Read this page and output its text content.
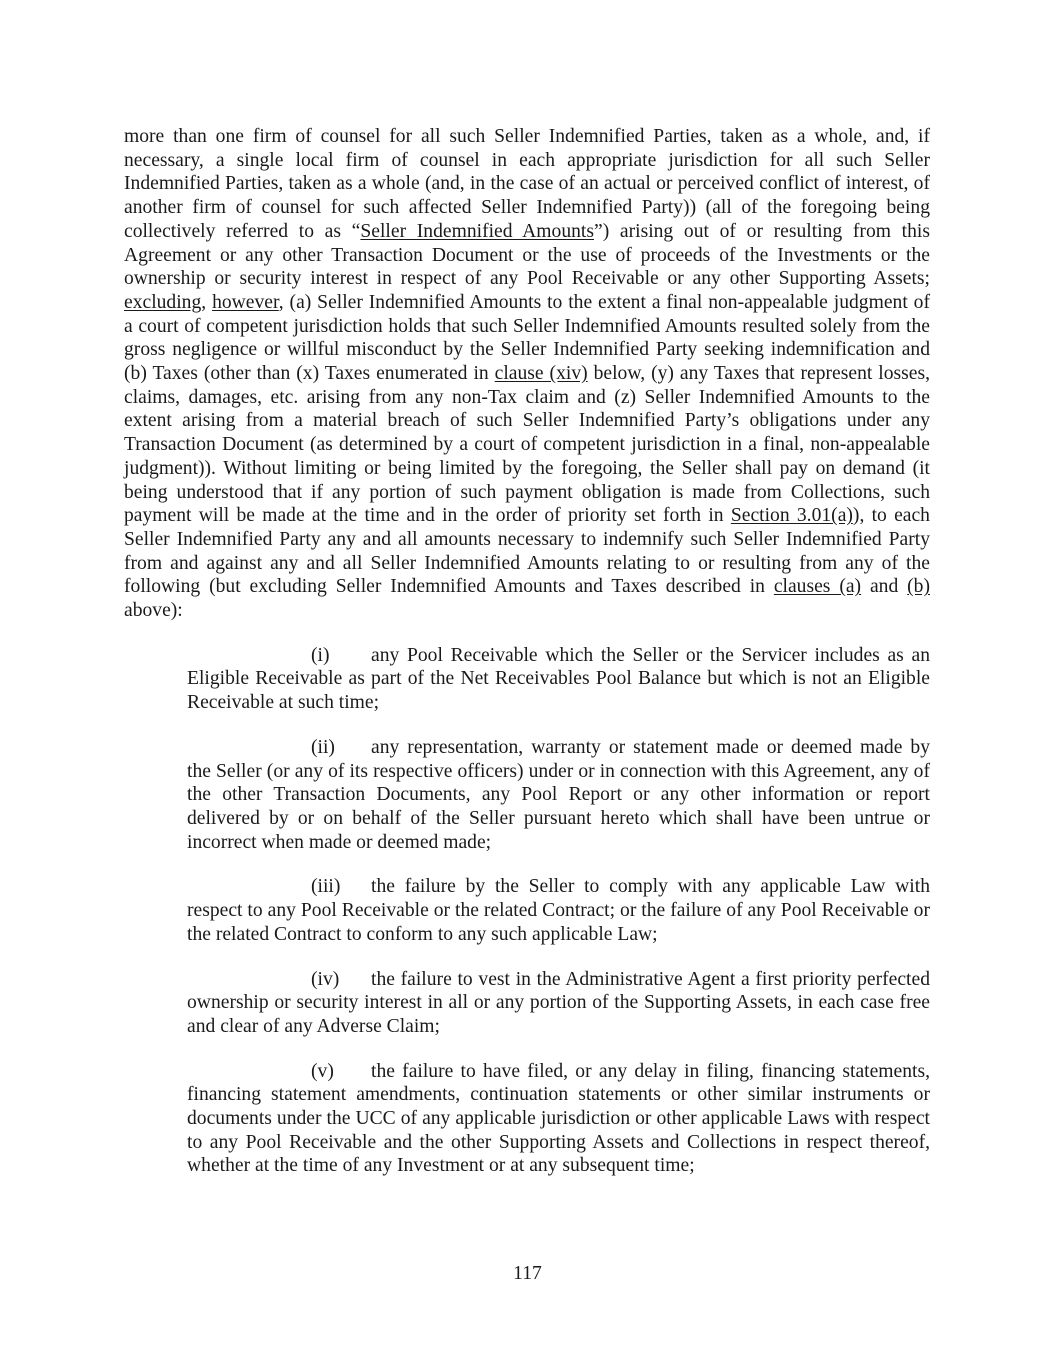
more than one firm of counsel for all such Seller Indemnified Parties, taken as a whole, and, if necessary, a single local firm of counsel in each appropriate jurisdiction for all such Seller Indemnified Parties, taken as a whole (and, in the case of an actual or perceived conflict of interest, of another firm of counsel for such affected Seller Indemnified Party)) (all of the foregoing being collectively referred to as “Seller Indemnified Amounts”) arising out of or resulting from this Agreement or any other Transaction Document or the use of proceeds of the Investments or the ownership or security interest in respect of any Pool Receivable or any other Supporting Assets; excluding, however, (a) Seller Indemnified Amounts to the extent a final non-appealable judgment of a court of competent jurisdiction holds that such Seller Indemnified Amounts resulted solely from the gross negligence or willful misconduct by the Seller Indemnified Party seeking indemnification and (b) Taxes (other than (x) Taxes enumerated in clause (xiv) below, (y) any Taxes that represent losses, claims, damages, etc. arising from any non-Tax claim and (z) Seller Indemnified Amounts to the extent arising from a material breach of such Seller Indemnified Party’s obligations under any Transaction Document (as determined by a court of competent jurisdiction in a final, non-appealable judgment)). Without limiting or being limited by the foregoing, the Seller shall pay on demand (it being understood that if any portion of such payment obligation is made from Collections, such payment will be made at the time and in the order of priority set forth in Section 3.01(a)), to each Seller Indemnified Party any and all amounts necessary to indemnify such Seller Indemnified Party from and against any and all Seller Indemnified Amounts relating to or resulting from any of the following (but excluding Seller Indemnified Amounts and Taxes described in clauses (a) and (b) above):

(i) any Pool Receivable which the Seller or the Servicer includes as an Eligible Receivable as part of the Net Receivables Pool Balance but which is not an Eligible Receivable at such time;

(ii) any representation, warranty or statement made or deemed made by the Seller (or any of its respective officers) under or in connection with this Agreement, any of the other Transaction Documents, any Pool Report or any other information or report delivered by or on behalf of the Seller pursuant hereto which shall have been untrue or incorrect when made or deemed made;

(iii) the failure by the Seller to comply with any applicable Law with respect to any Pool Receivable or the related Contract; or the failure of any Pool Receivable or the related Contract to conform to any such applicable Law;

(iv) the failure to vest in the Administrative Agent a first priority perfected ownership or security interest in all or any portion of the Supporting Assets, in each case free and clear of any Adverse Claim;

(v) the failure to have filed, or any delay in filing, financing statements, financing statement amendments, continuation statements or other similar instruments or documents under the UCC of any applicable jurisdiction or other applicable Laws with respect to any Pool Receivable and the other Supporting Assets and Collections in respect thereof, whether at the time of any Investment or at any subsequent time;

117
